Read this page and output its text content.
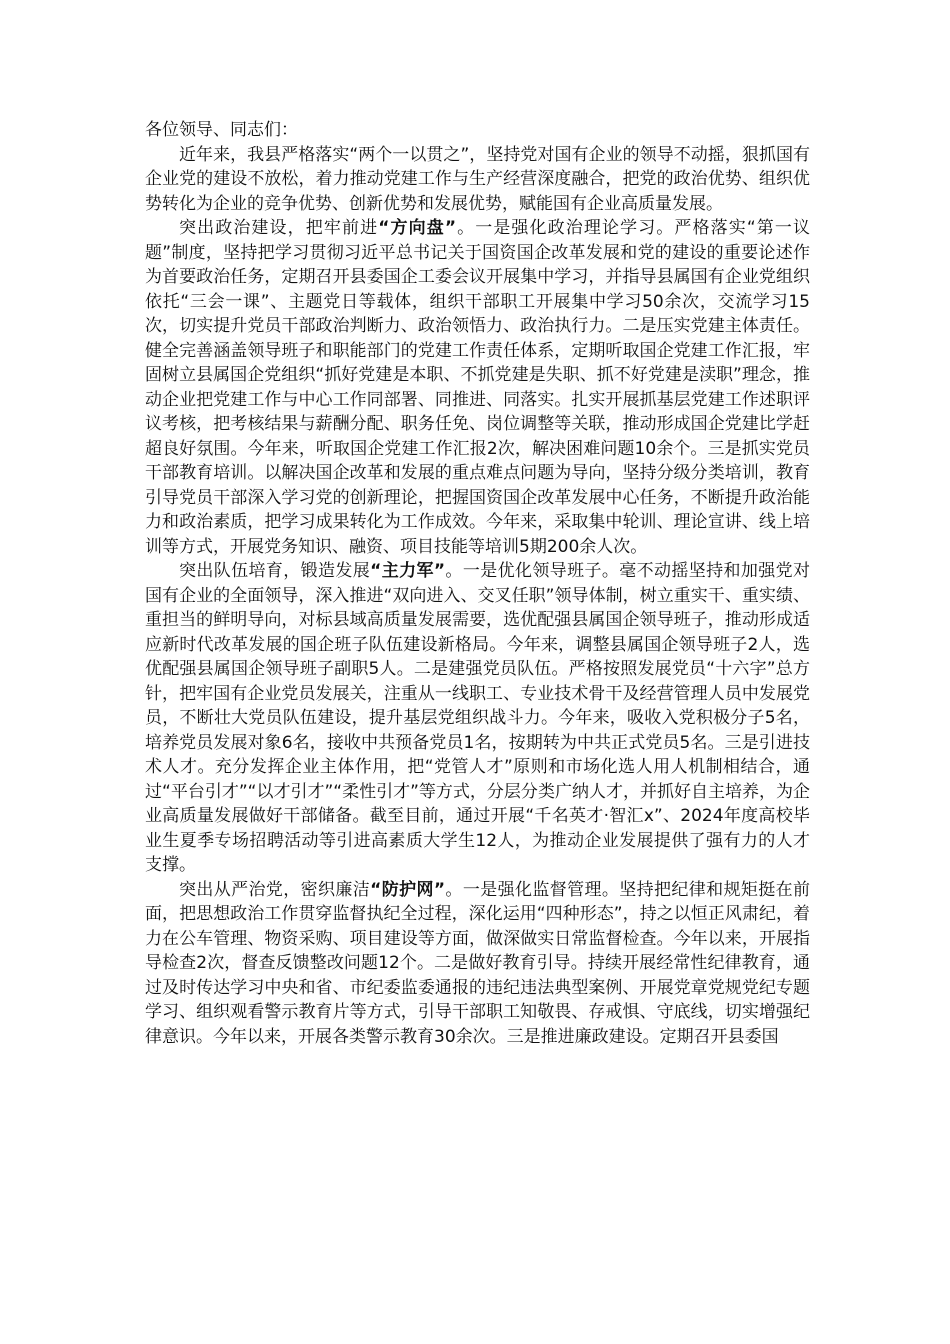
各位领导、同志们：

近年来，我县严格落实“两个一以贯之”，坚持党对国有企业的领导不动摇，狠抓国有企业党的建设不放松，着力推动党建工作与生产经营深度融合，把党的政治优势、组织优势转化为企业的竞争优势、创新优势和发展优势，赋能国有企业高质量发展。

突出政治建设，把牢前进“方向盘”。一是强化政治理论学习。严格落实“第一议题”制度，坚持把学习贯彻习近平总书记关于国资国企改革发展和党的建设的重要论述作为首要政治任务，定期召开县委国企工委会议开展集中学习，并指导县属国有企业党组织依托“三会一课”、主题党日等载体，组织干部职工开展集中学习50余次，交流学习15次，切实提升党员干部政治判断力、政治领悟力、政治执行力。二是压实党建主体责任。健全完善涵盖领导班子和职能部门的党建工作责任体系，定期听取国企党建工作汇报，牢固树立县属国企党组织“抓好党建是本职、不抓党建是失职、抓不好党建是渎职”理念，推动企业把党建工作与中心工作同部署、同推进、同落实。扎实开展抓基层党建工作述职评议考核，把考核结果与薪酬分配、职务任免、岗位调整等关联，推动形成国企党建比学赶超良好氛围。今年来，听取国企党建工作汇报2次，解决困难问题10余个。三是抓实党员干部教育培训。以解决国企改革和发展的重点难点问题为导向，坚持分级分类培训，教育引导党员干部深入学习党的创新理论，把握国资国企改革发展中心任务，不断提升政治能力和政治素质，把学习成果转化为工作成效。今年来，采取集中轮训、理论宣讲、线上培训等方式，开展党务知识、融资、项目技能等培训5期200余人次。

突出队伍培育，锻造发展“主力军”。一是优化领导班子。毫不动摇坚持和加强党对国有企业的全面领导，深入推进“双向进入、交叉任职”领导体制，树立重实干、重实绩、重担当的鲜明导向，对标县域高质量发展需要，选优配强县属国企领导班子，推动形成适应新时代改革发展的国企班子队伍建设新格局。今年来，调整县属国企领导班子2人，选优配强县属国企领导班子副职5人。二是建强党员队伍。严格按照发展党员“十六字”总方针，把牢国有企业党员发展关，注重从一线职工、专业技术骨干及经营管理人员中发展党员，不断壮大党员队伍建设，提升基层党组织战斗力。今年来，吸收入党积极分子5名，培养党员发展对象6名，接收中共预备党员1名，按期转为中共正式党员5名。三是引进技术人才。充分发挥企业主体作用，把“党管人才”原则和市场化选人用人机制相结合，通过“平台引才”“以才引才”“柔性引才”等方式，分层分类广纳人才，并抓好自主培养，为企业高质量发展做好干部储备。截至目前，通过开展“千名英才·智汇x”、2024年度高校毕业生夏季专场招聘活动等引进高素质大学生12人，为推动企业发展提供了强有力的人才支撑。

突出从严治党，密织廉洁“防护网”。一是强化监督管理。坚持把纪律和规矩挺在前面，把思想政治工作贯穿监督执纪全过程，深化运用“四种形态”，持之以恒正风肃纪，着力在公车管理、物资采购、项目建设等方面，做深做实日常监督检查。今年以来，开展指导检查2次，督查反馈整改问题12个。二是做好教育引导。持续开展经常性纪律教育，通过及时传达学习中央和省、市纪委监委通报的违纪违法典型案例、开展党章党规党纪专题学习、组织观看警示教育片等方式，引导干部职工知敬畏、存戒惧、守底线，切实增强纪律意识。今年以来，开展各类警示教育30余次。三是推进廉政建设。定期召开县委国
